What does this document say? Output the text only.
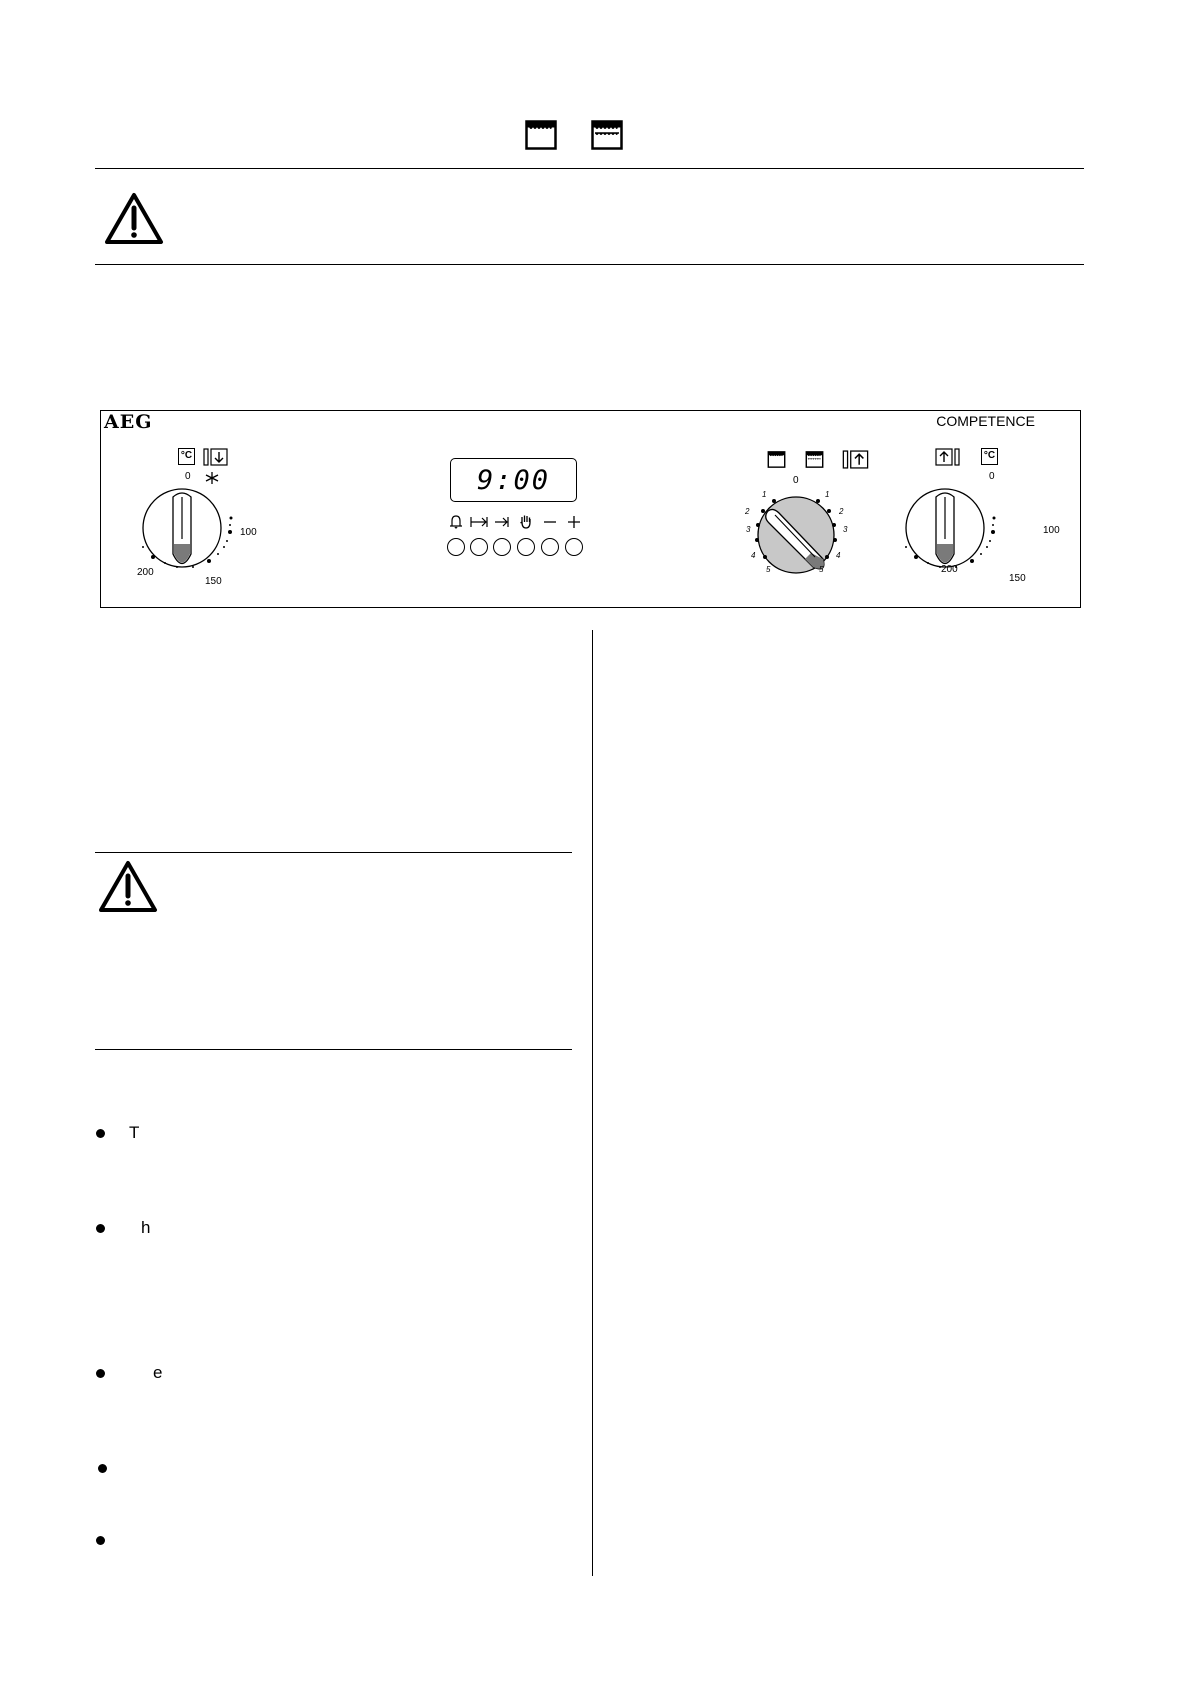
AEG	COMPETENCE
°C
0
100
150
200
9:00	0
1
2
3
4
5
1
2
3
4
5
°C
0
100
150
200
T
h
e
